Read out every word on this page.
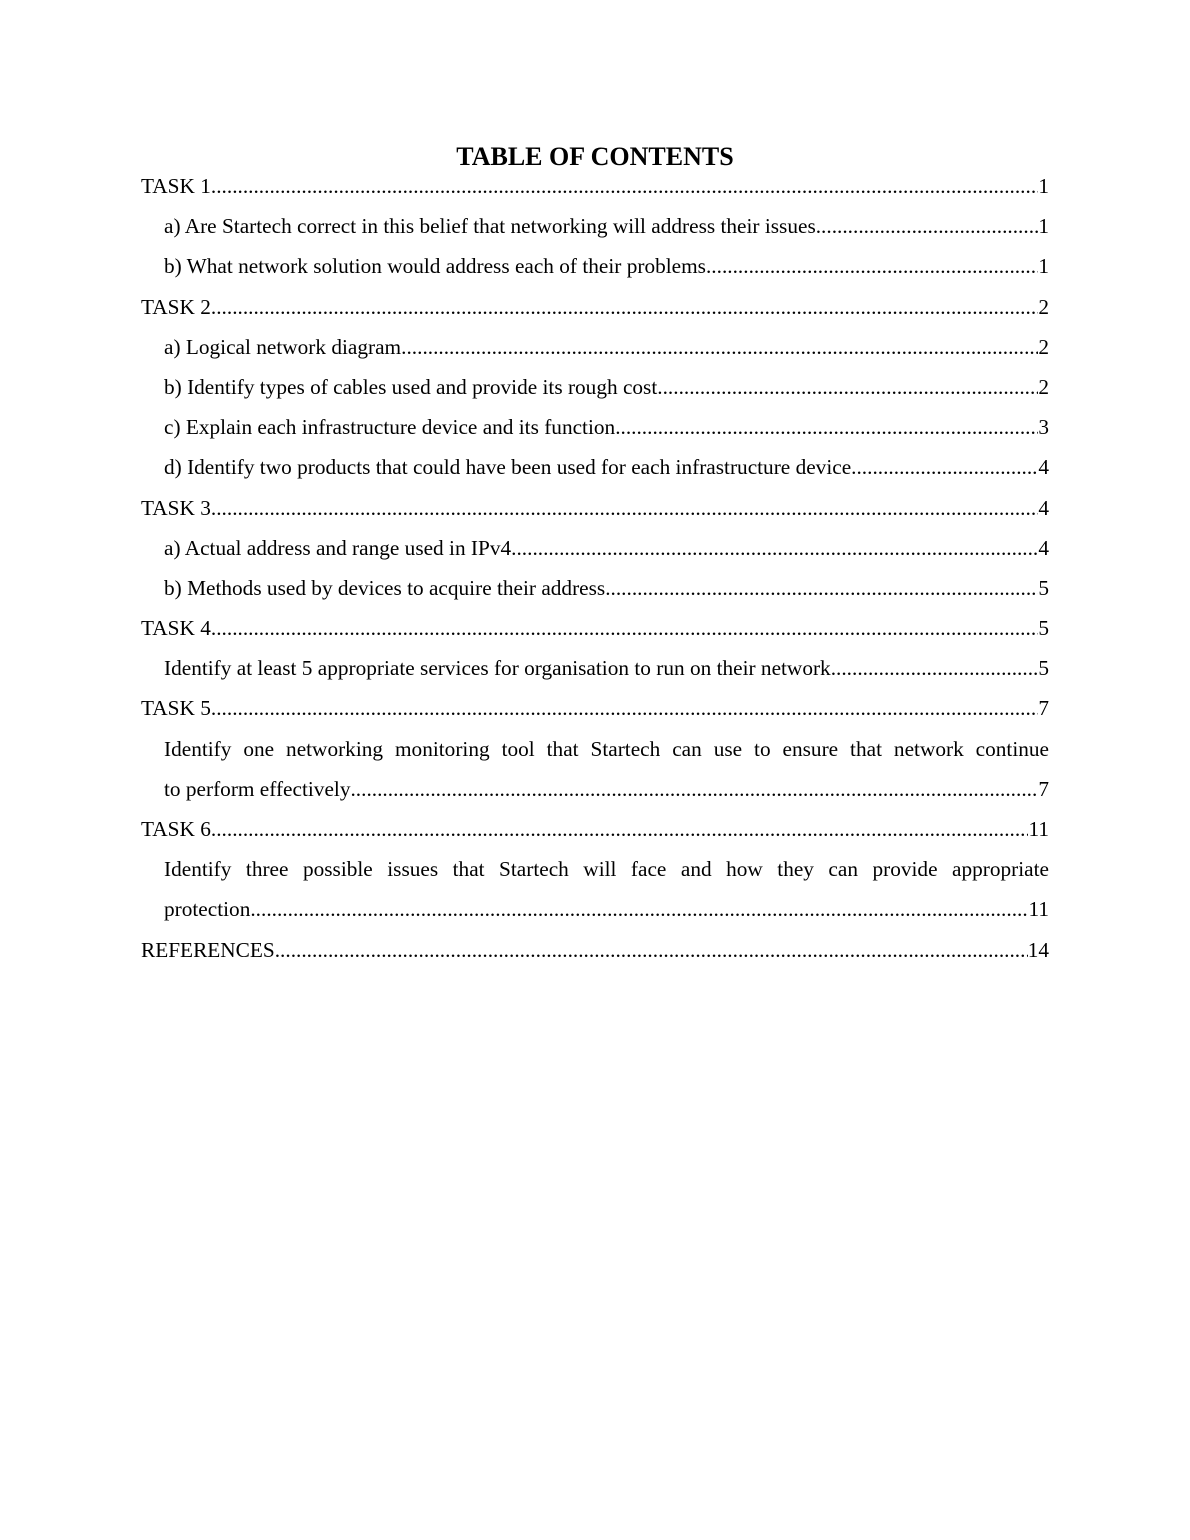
TABLE OF CONTENTS
TASK 1 .....	1
a) Are Startech correct in this belief that networking will address their issues .....	1
b) What network solution would address each of their problems .....	1
TASK 2 .....	2
a) Logical network diagram .....	2
b) Identify types of cables used and provide its rough cost .....	2
c) Explain each infrastructure device and its function .....	3
d) Identify two products that could have been used for each infrastructure device .....	4
TASK 3 .....	4
a) Actual address and range used in IPv4 .....	4
b) Methods used by devices to acquire their address .....	5
TASK 4 .....	5
Identify at least 5 appropriate services for organisation to run on their network .....	5
TASK 5 .....	7
Identify one networking monitoring tool that Startech can use to ensure that network continue
to perform effectively .....	7
TASK 6 .....	11
Identify three possible issues that Startech will face and how they can provide appropriate
protection .....	11
REFERENCES .....	14
